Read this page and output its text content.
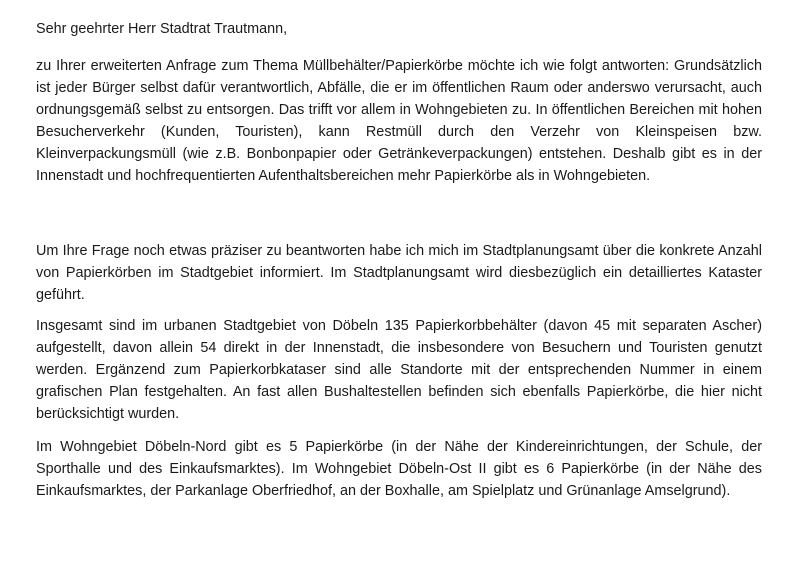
Sehr geehrter Herr Stadtrat Trautmann,

zu Ihrer erweiterten Anfrage zum Thema Müllbehälter/Papierkörbe möchte ich wie folgt antworten: Grundsätzlich ist jeder Bürger selbst dafür verantwortlich, Abfälle, die er im öffentlichen Raum oder anderswo verursacht, auch ordnungsgemäß selbst zu entsorgen. Das trifft vor allem in Wohngebieten zu. In öffentlichen Bereichen mit hohen Besucherverkehr (Kunden, Touristen), kann Restmüll durch den Verzehr von Kleinspeisen bzw. Kleinverpackungsmüll (wie z.B. Bonbonpapier oder Getränkeverpackungen) entstehen. Deshalb gibt es in der Innenstadt und hochfrequentierten Aufenthaltsbereichen mehr Papierkörbe als in Wohngebieten.

Um Ihre Frage noch etwas präziser zu beantworten habe ich mich im Stadtplanungsamt über die konkrete Anzahl von Papierkörben im Stadtgebiet informiert. Im Stadtplanungsamt wird diesbezüglich ein detailliertes Kataster geführt.

Insgesamt sind im urbanen Stadtgebiet von Döbeln 135 Papierkorbbehälter (davon 45 mit separaten Ascher) aufgestellt, davon allein 54 direkt in der Innenstadt, die insbesondere von Besuchern und Touristen genutzt werden. Ergänzend zum Papierkorbkataser sind alle Standorte mit der entsprechenden Nummer in einem grafischen Plan festgehalten. An fast allen Bushaltestellen befinden sich ebenfalls Papierkörbe, die hier nicht berücksichtigt wurden.

Im Wohngebiet Döbeln-Nord gibt es 5 Papierkörbe (in der Nähe der Kindereinrichtungen, der Schule, der Sporthalle und des Einkaufsmarktes). Im Wohngebiet Döbeln-Ost II gibt es 6 Papierkörbe (in der Nähe des Einkaufsmarktes, der Parkanlage Oberfriedhof, an der Boxhalle, am Spielplatz und Grünanlage Amselgrund).
